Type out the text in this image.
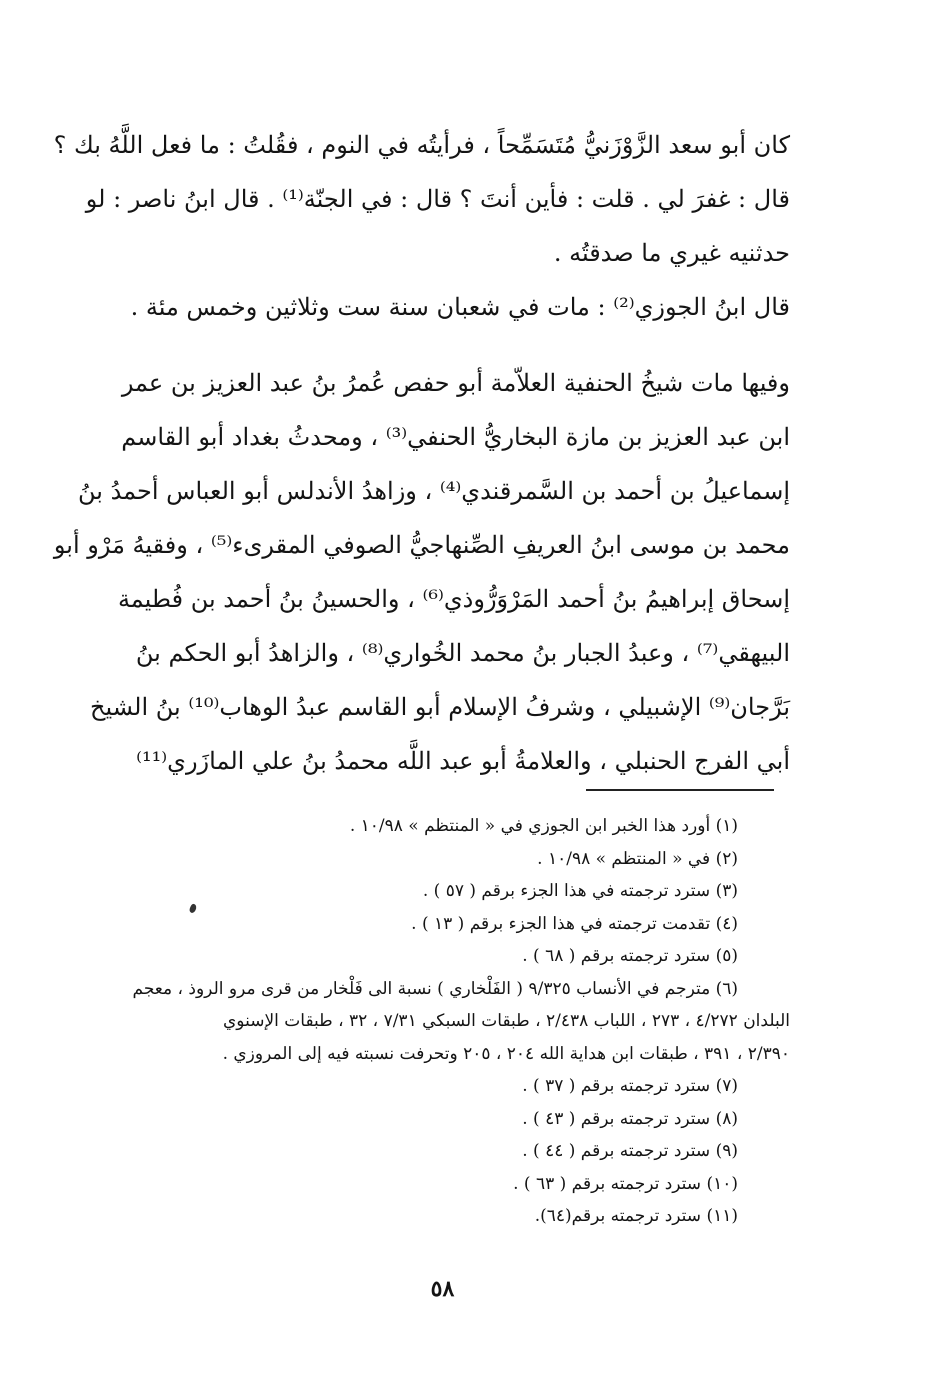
كان أبو سعد الزَّوْزَنيُّ مُتَسَمِّحاً ، فرأيتُه في النوم ، فقُلتُ : ما فعل اللَّهُ بك ؟
قال : غفرَ لي . قلت : فأين أنتَ ؟ قال : في الجنّة⁽¹⁾ . قال ابنُ ناصر : لو
حدثنيه غيري ما صدقتُه .

قال ابنُ الجوزي⁽²⁾ : مات في شعبان سنة ست وثلاثين وخمس مئة .

وفيها مات شيخُ الحنفية العلاّمة أبو حفص عُمرُ بنُ عبد العزيز بن عمر
ابن عبد العزيز بن مازة البخاريُّ الحنفي⁽³⁾ ، ومحدثُ بغداد أبو القاسم
إسماعيلُ بن أحمد بن السَّمرقندي⁽⁴⁾ ، وزاهدُ الأندلس أبو العباس أحمدُ بنُ
محمد بن موسى ابنُ العريفِ الصِّنهاجيُّ الصوفي المقرىء⁽⁵⁾ ، وفقيهُ مَرْو أبو
إسحاق إبراهيمُ بنُ أحمد المَرْوَرُّوذي⁽⁶⁾ ، والحسينُ بنُ أحمد بن فُطيمة
البيهقي⁽⁷⁾ ، وعبدُ الجبار بنُ محمد الخُواري⁽⁸⁾ ، والزاهدُ أبو الحكم بنُ
بَرَّجان⁽⁹⁾ الإشبيلي ، وشرفُ الإسلام أبو القاسم عبدُ الوهاب⁽¹⁰⁾ بنُ الشيخ
أبي الفرج الحنبلي ، والعلامةُ أبو عبد اللَّه محمدُ بنُ علي المازَري⁽¹¹⁾

(١) أورد هذا الخبر ابن الجوزي في « المنتظم » ١٠/٩٨ .
(٢) في « المنتظم » ١٠/٩٨ .
(٣) سترد ترجمته في هذا الجزء برقم ( ٥٧ ) .
(٤) تقدمت ترجمته في هذا الجزء برقم ( ١٣ ) .
(٥) سترد ترجمته برقم ( ٦٨ ) .
(٦) مترجم في الأنساب ٩/٣٢٥ ( الفَلْخاري ) نسبة الى فَلْخار من قرى مرو الروذ ، معجم
البلدان ٤/٢٧٢ ، ٢٧٣ ، اللباب ٢/٤٣٨ ، طبقات السبكي ٧/٣١ ، ٣٢ ، طبقات الإسنوي
٢/٣٩٠ ، ٣٩١ ، طبقات ابن هداية الله ٢٠٤ ، ٢٠٥ وتحرفت نسبته فيه إلى المروزي .
(٧) سترد ترجمته برقم ( ٣٧ ) .
(٨) سترد ترجمته برقم ( ٤٣ ) .
(٩) سترد ترجمته برقم ( ٤٤ ) .
(١٠) سترد ترجمته برقم ( ٦٣ ) .
(١١) سترد ترجمته برقم(٦٤).
٥٨
